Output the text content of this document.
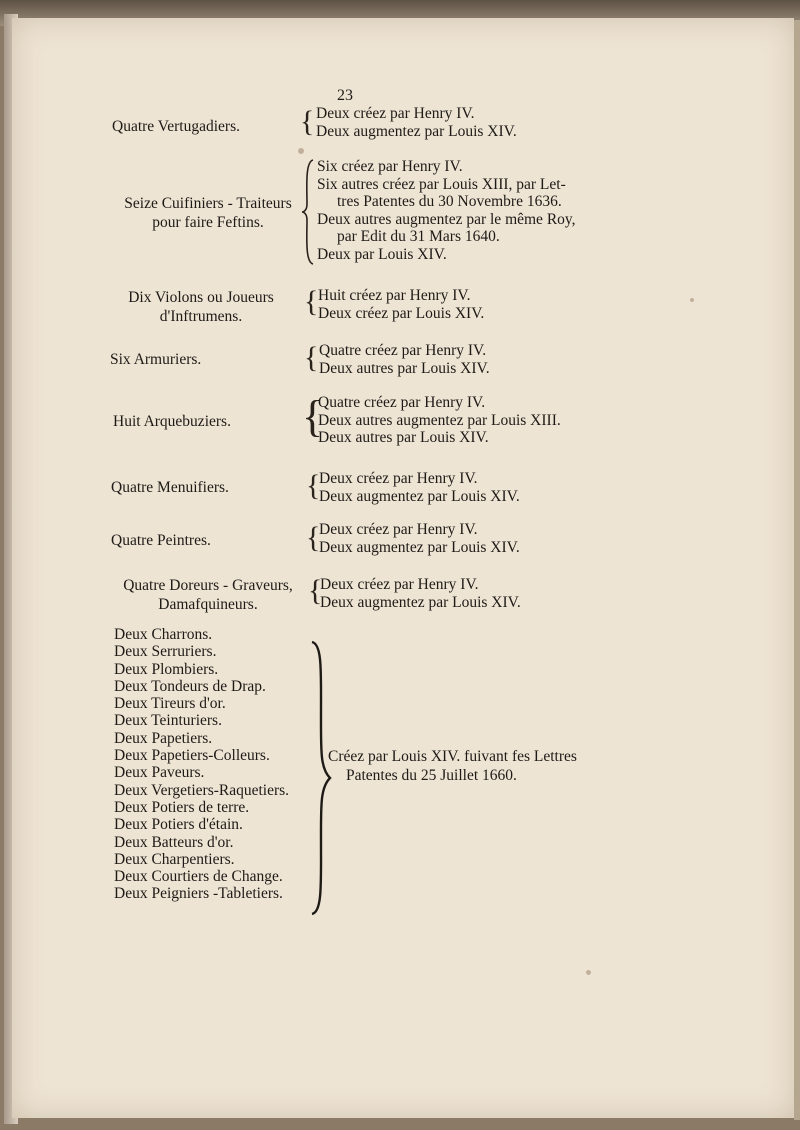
23
Quatre Vertugadiers. { Deux créez par Henry IV.
Deux augmentez par Louis XIV.
Seize Cuifiniers - Traiteurs
pour faire Feftins.
Six créez par Henry IV.
Six autres créez par Louis XIII, par Let-
tres Patentes du 30 Novembre 1636.
Deux autres augmentez par le même Roy,
par Edit du 31 Mars 1640.
Deux par Louis XIV.
Dix Violons ou Joueurs
d'Inftrumens.	{ Huit créez par Henry IV.
Deux créez par Louis XIV.
Six Armuriers.	{ Quatre créez par Henry IV.
Deux autres par Louis XIV.
Huit Arquebuziers. {
Quatre créez par Henry IV.
Deux autres augmentez par Louis XIII.
Deux autres par Louis XIV.
Quatre Menuifiers.	{
Deux créez par Henry IV.
Deux augmentez par Louis XIV.
Quatre Peintres.	{
Deux créez par Henry IV.
Deux augmentez par Louis XIV.
Quatre Doreurs - Graveurs,
Damafquineurs.	{
Deux créez par Henry IV.
Deux augmentez par Louis XIV.
Deux Charrons.
Deux Serruriers.
Deux Plombiers.
Deux Tondeurs de Drap.
Deux Tireurs d'or.
Deux Teinturiers.
Deux Papetiers.
Deux Papetiers-Colleurs.
Deux Paveurs.
Deux Vergetiers-Raquetiers.
Deux Potiers de terre.
Deux Potiers d'étain.
Deux Batteurs d'or.
Deux Charpentiers.
Deux Courtiers de Change.
Deux Peigniers -Tabletiers.
Créez par Louis XIV. fuivant fes Lettres
Patentes du 25 Juillet 1660.
